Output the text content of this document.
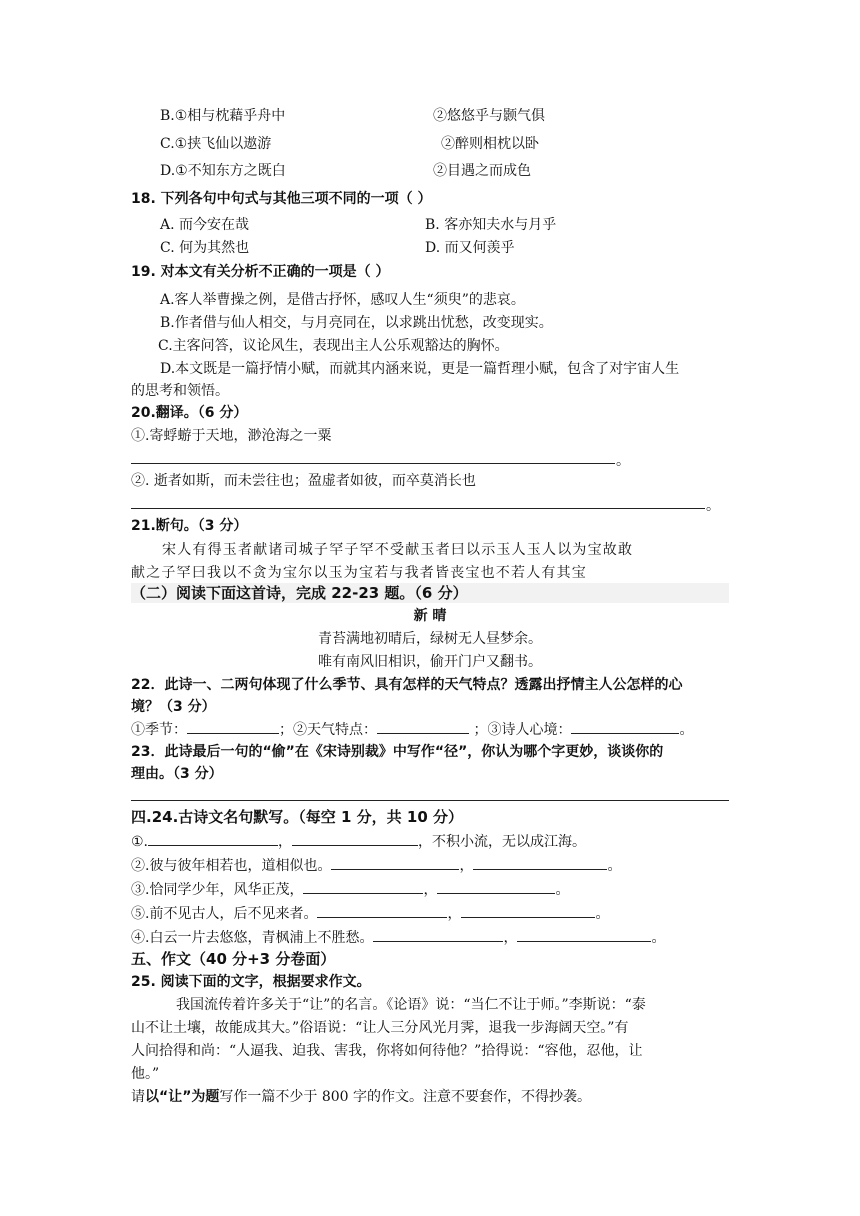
B.①相与枕藉乎舟中	②悠悠乎与颢气俱
C.①挟飞仙以遨游	②醉则相枕以卧
D.①不知东方之既白	②目遇之而成色
18. 下列各句中句式与其他三项不同的一项（ ）
A. 而今安在哉	B. 客亦知夫水与月乎
C. 何为其然也	D. 而又何羡乎
19. 对本文有关分析不正确的一项是（ ）
A.客人举曹操之例，是借古抒怀，感叹人生“须臾”的悲哀。
B.作者借与仙人相交，与月亮同在，以求跳出忧愁，改变现实。
C.主客问答，议论风生，表现出主人公乐观豁达的胸怀。
D.本文既是一篇抒情小赋，而就其内涵来说，更是一篇哲理小赋，包含了对宇宙人生
的思考和领悟。
20.翻译。（6 分）
①.寄蜉蝣于天地，渺沧海之一粟
。
②. 逝者如斯，而未尝往也；盈虚者如彼，而卒莫消长也
。
21.断句。（3 分）
宋人有得玉者献诸司城子罕子罕不受献玉者曰以示玉人玉人以为宝故敢
献之子罕曰我以不贪为宝尔以玉为宝若与我者皆丧宝也不若人有其宝
（二）阅读下面这首诗，完成 22-23 题。（6 分）
新 晴
青苔满地初晴后，绿树无人昼梦余。
唯有南风旧相识，偷开门户又翻书。
22．此诗一、二两句体现了什么季节、具有怎样的天气特点？透露出抒情主人公怎样的心
境？（3 分）
①季节：	；②天气特点：	；③诗人心境：	。
23．此诗最后一句的“偷”在《宋诗别裁》中写作“径”，你认为哪个字更妙，谈谈你的
理由。（3 分）
四.24.古诗文名句默写。（每空 1 分，共 10 分）
①.	，	，不积小流，无以成江海。
②.彼与彼年相若也，道相似也。	，	。
③.恰同学少年，风华正茂，	，	。
⑤.前不见古人，后不见来者。	，	。
④.白云一片去悠悠，青枫浦上不胜愁。	，	。
五、作文（40 分+3 分卷面）
25. 阅读下面的文字，根据要求作文。
我国流传着许多关于“让”的名言。《论语》说：“当仁不让于师。”李斯说：“泰
山不让土壤，故能成其大。”俗语说：“让人三分风光月霁，退我一步海阔天空。”有
人问拾得和尚：“人逼我、迫我、害我，你将如何待他？”拾得说：“容他，忍他，让
他。”
请以“让”为题写作一篇不少于 800 字的作文。注意不要套作，不得抄袭。
